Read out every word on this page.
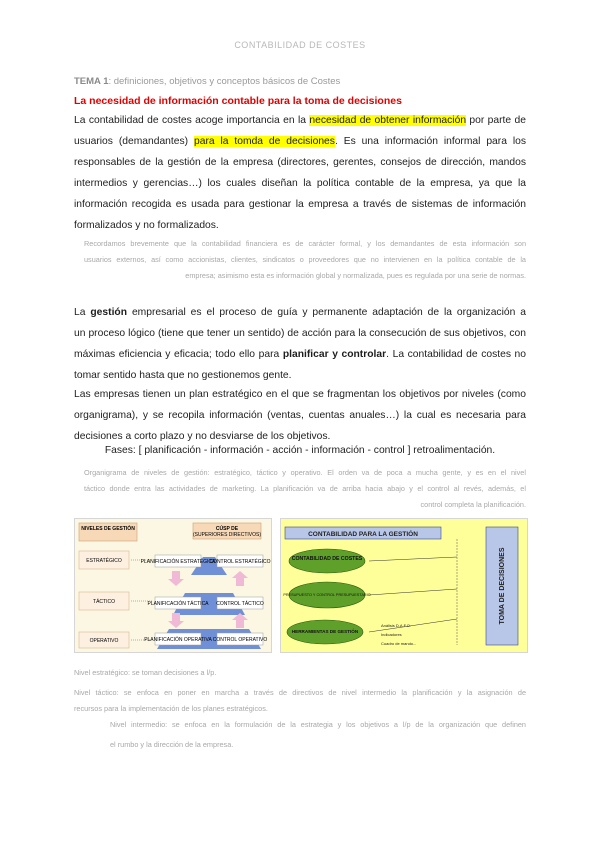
CONTABILIDAD DE COSTES
TEMA 1: definiciones, objetivos y conceptos básicos de Costes
La necesidad de información contable para la toma de decisiones
La contabilidad de costes acoge importancia en la necesidad de obtener información por parte de
usuarios (demandantes) para la tomda de decisiones. Es una información informal para los
responsables de la gestión de la empresa (directores, gerentes, consejos de dirección, mandos
intermedios y gerencias…) los cuales diseñan la política contable de la empresa, ya que la
información recogida es usada para gestionar la empresa a través de sistemas de información
formalizados y no formalizados.
Recordamos brevemente que la contabilidad financiera es de carácter formal, y los demandantes de esta información son
usuarios externos, así como accionistas, clientes, sindicatos o proveedores que no intervienen en la política contable de la
empresa; asimismo esta es información global y normalizada, pues es regulada por una serie de normas.
La gestión empresarial es el proceso de guía y permanente adaptación de la organización a
un proceso lógico (tiene que tener un sentido) de acción para la consecución de sus objetivos, con
máximas eficiencia y eficacia; todo ello para planificar y controlar. La contabilidad de costes no
tomar sentido hasta que no gestionemos gente.
Las empresas tienen un plan estratégico en el que se fragmentan los objetivos por niveles (como
organigrama), y se recopila información (ventas, cuentas anuales…) la cual es necesaria para
decisiones a corto plazo y no desviarse de los objetivos.
Fases: [ planificación - información - acción - información - control ] retroalimentación.
Organigrama de niveles de gestión: estratégico, táctico y operativo. El orden va de poca a mucha gente, y es en el nivel
táctico donde entra las actividades de marketing. La planificación va de arriba hacia abajo y el control al revés, además, el
control completa la planificación.
NIVELES DE GESTIÓN	CÚSP DE
(SUPERIORES DIRECTIVOS)
ESTRATÉGICO
TÁCTICO
OPERATIVO
PLANIFICACIÓN ESTRATÉGICA
CONTROL ESTRATÉGICO
PLANIFICACIÓN TÁCTICA CONTROL TÁCTICO
PLANIFICACIÓN OPERATIVA CONTROL OPERATIVO
CONTABILIDAD PARA LA GESTIÓN
CONTABILIDAD DE COSTES
PRESUPUESTO Y CONTROL PRESUPUESTARIO
HERRAMIENTAS DE GESTIÓN
Análisis D.A.F.O.
Indicadores
Cuadro de mando...
TOMA DE DECISIONES
Nivel estratégico: se toman decisiones a l/p.
Nivel táctico: se enfoca en poner en marcha a través de directivos de nivel intermedio la planificación y la asignación de
recursos para la implementación de los planes estratégicos.
Nivel intermedio: se enfoca en la formulación de la estrategia y los objetivos a l/p de la organización que definen
el rumbo y la dirección de la empresa.
